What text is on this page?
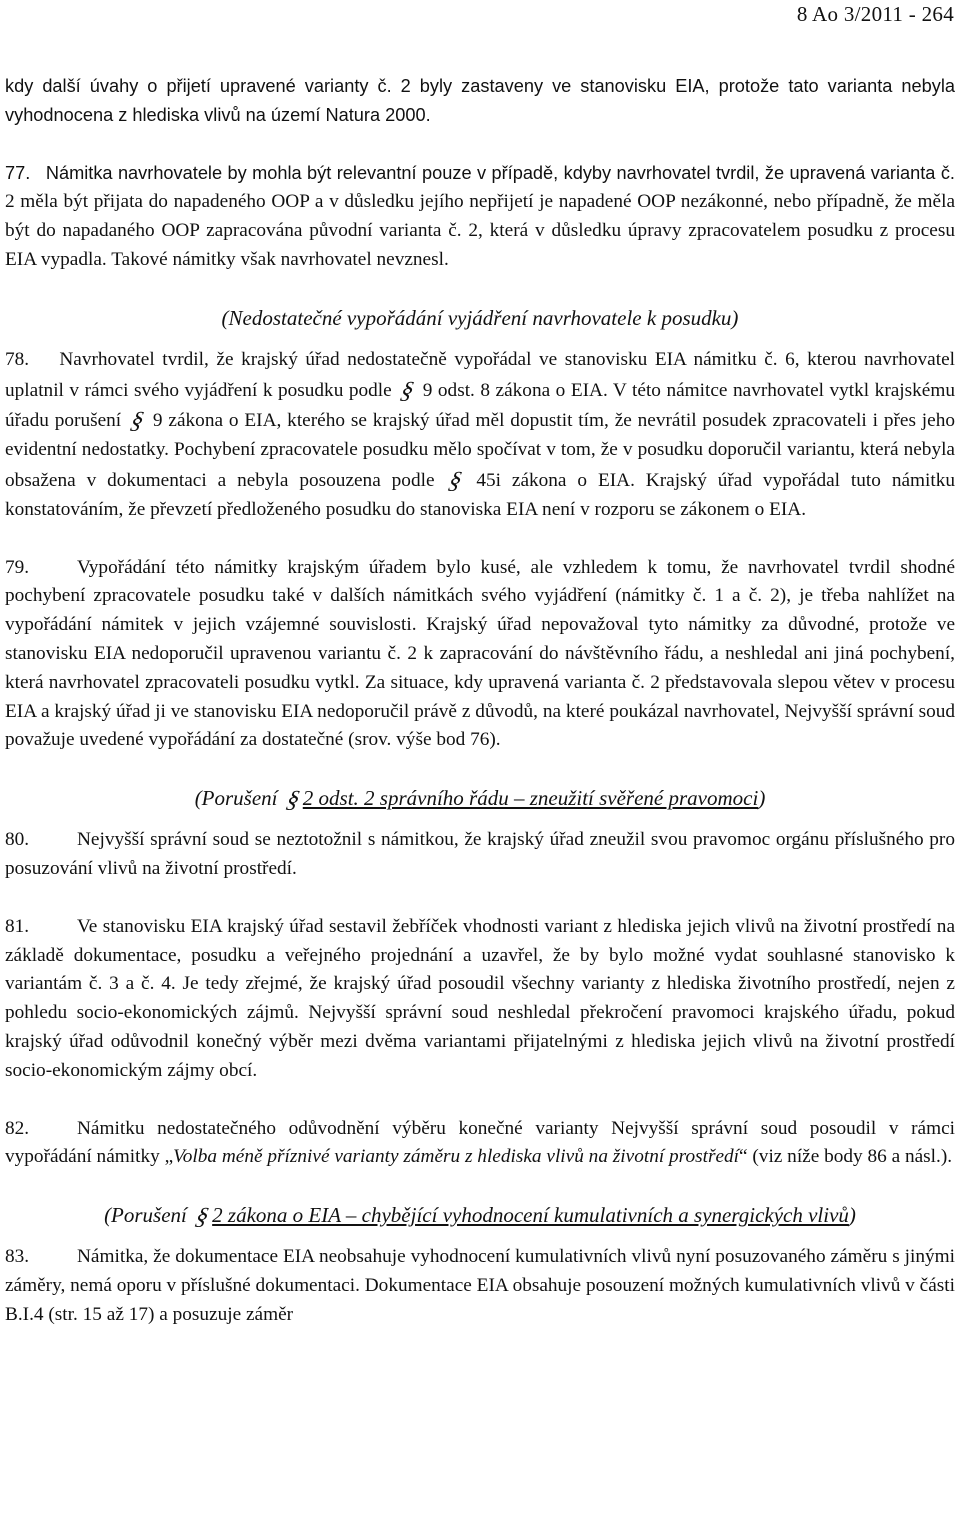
8 Ao 3/2011 - 264

kdy další úvahy o přijetí upravené varianty č. 2 byly zastaveny ve stanovisku EIA, protože tato varianta nebyla vyhodnocena z hlediska vlivů na území Natura 2000.

77. Námitka navrhovatele by mohla být relevantní pouze v případě, kdyby navrhovatel tvrdil, že upravená varianta č. 2 měla být přijata do napadeného OOP a v důsledku jejího nepřijetí je napadené OOP nezákonné, nebo případně, že měla být do napadaného OOP zapracována původní varianta č. 2, která v důsledku úpravy zpracovatelem posudku z procesu EIA vypadla. Takové námitky však navrhovatel nevznesl.

(Nedostatečné vypořádání vyjádření navrhovatele k posudku)

78. Navrhovatel tvrdil, že krajský úřad nedostatečně vypořádal ve stanovisku EIA námitku č. 6, kterou navrhovatel uplatnil v rámci svého vyjádření k posudku podle § 9 odst. 8 zákona o EIA. V této námitce navrhovatel vytkl krajskému úřadu porušení § 9 zákona o EIA, kterého se krajský úřad měl dopustit tím, že nevrátil posudek zpracovateli i přes jeho evidentní nedostatky. Pochybení zpracovatele posudku mělo spočívat v tom, že v posudku doporučil variantu, která nebyla obsažena v dokumentaci a nebyla posouzena podle § 45i zákona o EIA. Krajský úřad vypořádal tuto námitku konstatováním, že převzetí předloženého posudku do stanoviska EIA není v rozporu se zákonem o EIA.

79. Vypořádání této námitky krajským úřadem bylo kusé, ale vzhledem k tomu, že navrhovatel tvrdil shodné pochybení zpracovatele posudku také v dalších námitkách svého vyjádření (námitky č. 1 a č. 2), je třeba nahlížet na vypořádání námitek v jejich vzájemné souvislosti. Krajský úřad nepovažoval tyto námitky za důvodné, protože ve stanovisku EIA nedoporučil upravenou variantu č. 2 k zapracování do návštěvního řádu, a neshledal ani jiná pochybení, která navrhovatel zpracovateli posudku vytkl. Za situace, kdy upravená varianta č. 2 představovala slepou větev v procesu EIA a krajský úřad ji ve stanovisku EIA nedoporučil právě z důvodů, na které poukázal navrhovatel, Nejvyšší správní soud považuje uvedené vypořádání za dostatečné (srov. výše bod 76).

(Porušení §2 odst. 2 správního řádu – zneužití svěřené pravomoci)

80. Nejvyšší správní soud se neztotožnil s námitkou, že krajský úřad zneužil svou pravomoc orgánu příslušného pro posuzování vlivů na životní prostředí.

81. Ve stanovisku EIA krajský úřad sestavil žebříček vhodnosti variant z hlediska jejich vlivů na životní prostředí na základě dokumentace, posudku a veřejného projednání a uzavřel, že by bylo možné vydat souhlasné stanovisko k variantám č. 3 a č. 4. Je tedy zřejmé, že krajský úřad posoudil všechny varianty z hlediska životního prostředí, nejen z pohledu socio-ekonomických zájmů. Nejvyšší správní soud neshledal překročení pravomoci krajského úřadu, pokud krajský úřad odůvodnil konečný výběr mezi dvěma variantami přijatelnými z hlediska jejich vlivů na životní prostředí socio-ekonomickým zájmy obcí.

82. Námitku nedostatečného odůvodnění výběru konečné varianty Nejvyšší správní soud posoudil v rámci vypořádání námitky „Volba méně příznivé varianty záměru z hlediska vlivů na životní prostředí“ (viz níže body 86 a násl.).

(Porušení §2 zákona o EIA – chybějící vyhodnocení kumulativních a synergických vlivů)

83. Námitka, že dokumentace EIA neobsahuje vyhodnocení kumulativních vlivů nyní posuzovaného záměru s jinými záměry, nemá oporu v příslušné dokumentaci. Dokumentace EIA obsahuje posouzení možných kumulativních vlivů v části B.I.4 (str. 15 až 17) a posuzuje záměr
